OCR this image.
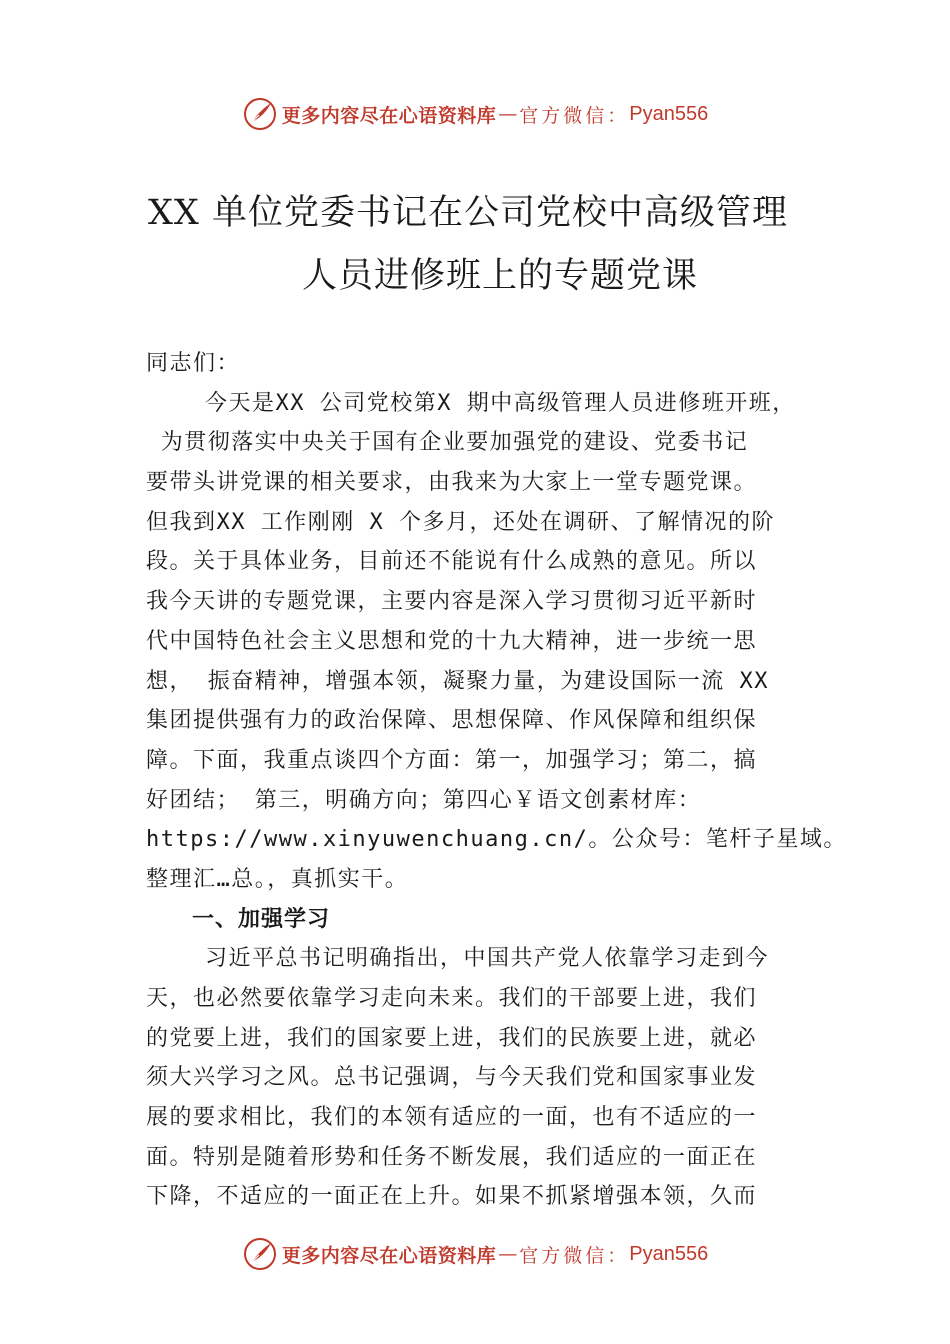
更多内容尽在心语资料库 — 官方微信： Pyan556
XX 单位党委书记在公司党校中高级管理
人员进修班上的专题党课
同志们：
今天是XX 公司党校第X 期中高级管理人员进修班开班，
为贯彻落实中央关于国有企业要加强党的建设、党委书记
要带头讲党课的相关要求，由我来为大家上一堂专题党课。
但我到XX 工作刚刚 X 个多月，还处在调研、了解情况的阶
段。关于具体业务，目前还不能说有什么成熟的意见。所以
我今天讲的专题党课，主要内容是深入学习贯彻习近平新时
代中国特色社会主义思想和党的十九大精神，进一步统一思
想， 振奋精神，增强本领，凝聚力量，为建设国际一流 XX
集团提供强有力的政治保障、思想保障、作风保障和组织保
障。下面，我重点谈四个方面：第一，加强学习；第二，搞
好团结； 第三，明确方向；第四心￥语文创素材库：
https://www.xinyuwenchuang.cn/。公众号：笔杆子星域。
整理汇…总。，真抓实干。
一、加强学习
习近平总书记明确指出，中国共产党人依靠学习走到今
天，也必然要依靠学习走向未来。我们的干部要上进，我们
的党要上进，我们的国家要上进，我们的民族要上进，就必
须大兴学习之风。总书记强调，与今天我们党和国家事业发
展的要求相比，我们的本领有适应的一面，也有不适应的一
面。特别是随着形势和任务不断发展，我们适应的一面正在
下降，不适应的一面正在上升。如果不抓紧增强本领，久而
更多内容尽在心语资料库 — 官方微信： Pyan556
